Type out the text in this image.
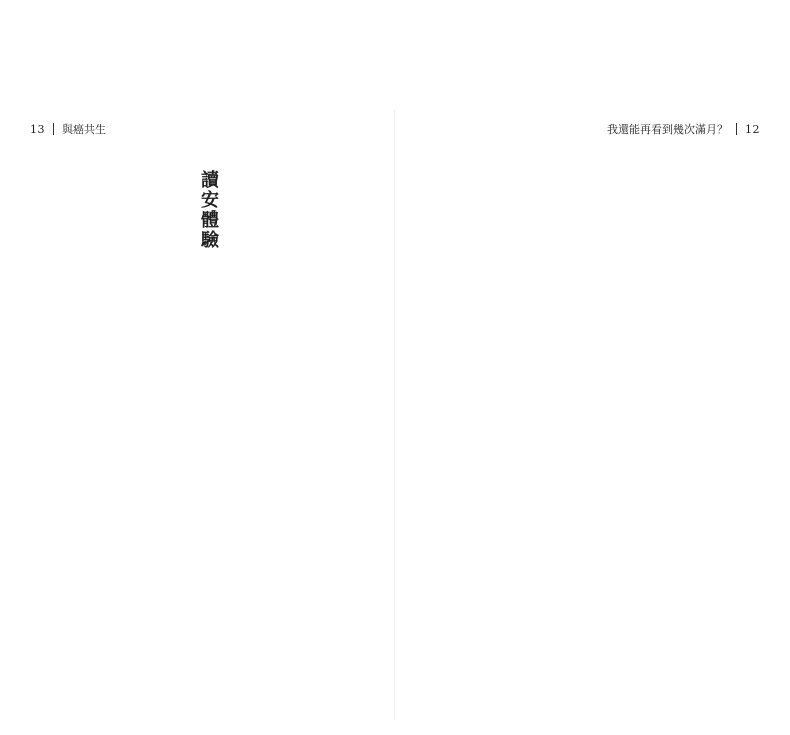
13 與癌共生
讀安體驗
我還能再看到幾次滿月？ 12
